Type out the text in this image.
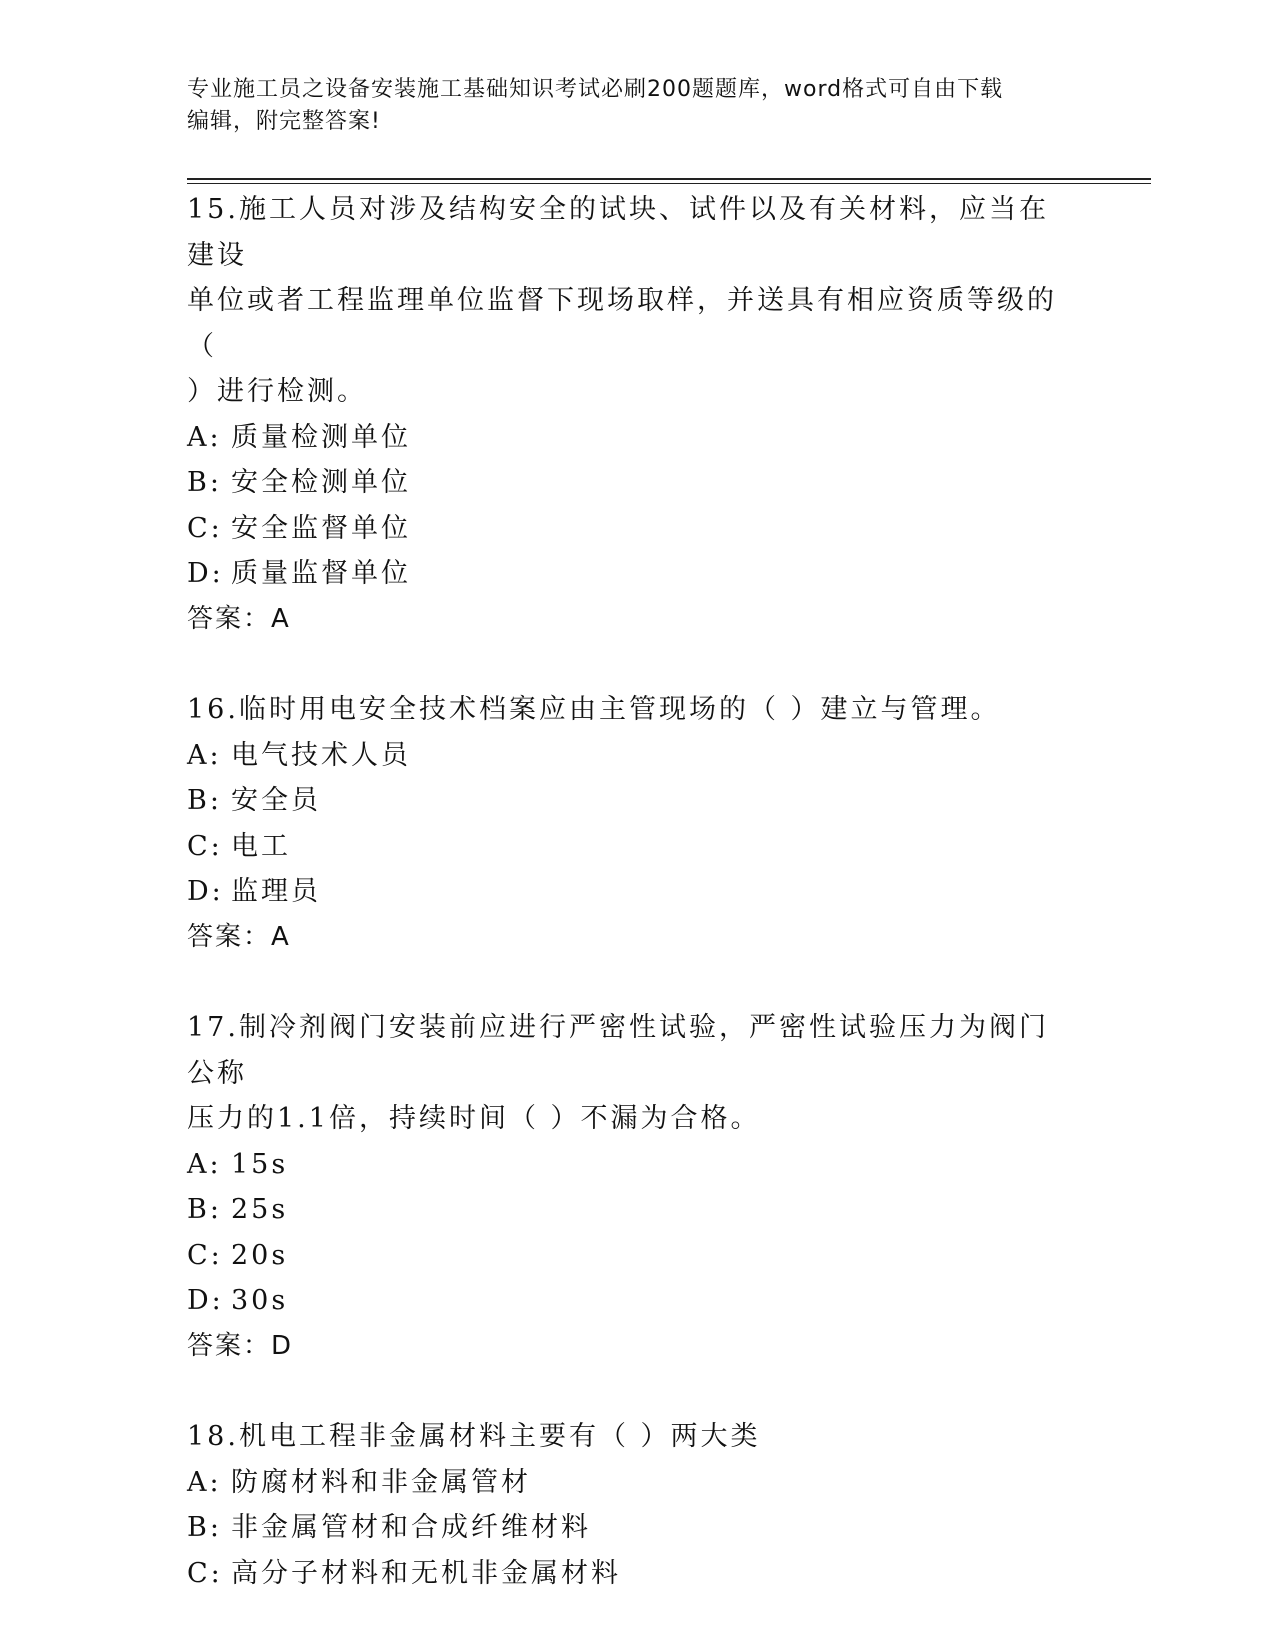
专业施工员之设备安装施工基础知识考试必刷200题题库，word格式可自由下载
编辑，附完整答案!

15.施工人员对涉及结构安全的试块、试件以及有关材料，应当在建设

单位或者工程监理单位监督下现场取样，并送具有相应资质等级的（

）进行检测。

A: 质量检测单位

B: 安全检测单位

C: 安全监督单位

D: 质量监督单位

答案：A

16.临时用电安全技术档案应由主管现场的（ ）建立与管理。

A: 电气技术人员

B: 安全员

C: 电工

D: 监理员

答案：A

17.制冷剂阀门安装前应进行严密性试验，严密性试验压力为阀门公称

压力的1.1倍，持续时间（ ）不漏为合格。

A: 15s

B: 25s

C: 20s

D: 30s

答案：D

18.机电工程非金属材料主要有（ ）两大类

A: 防腐材料和非金属管材

B: 非金属管材和合成纤维材料

C: 高分子材料和无机非金属材料
